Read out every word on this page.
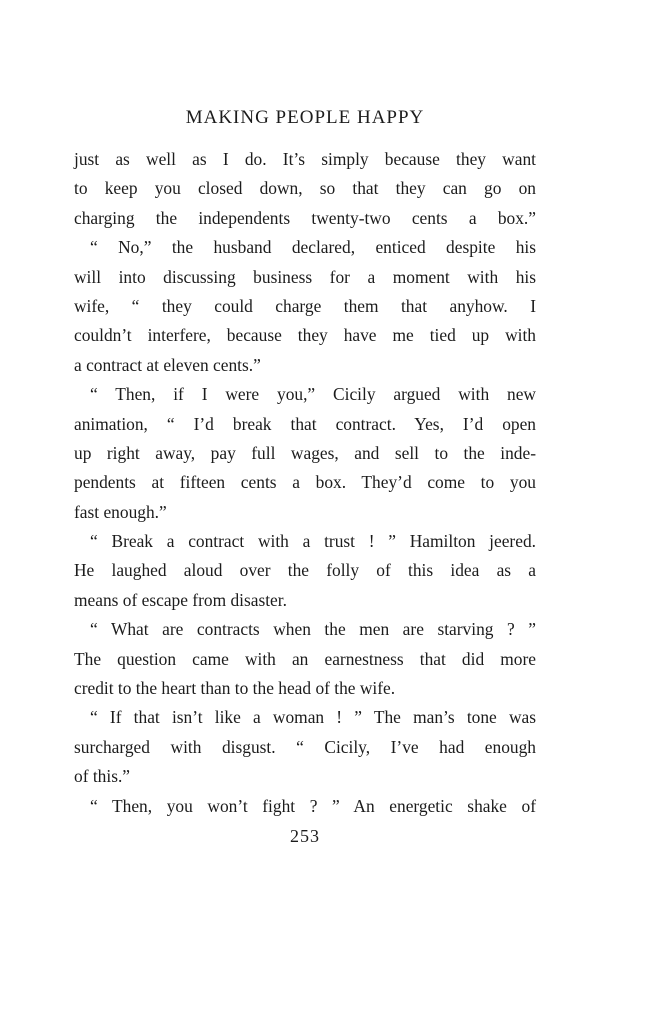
MAKING PEOPLE HAPPY
just as well as I do. It’s simply because they want
to keep you closed down, so that they can go on
charging the independents twenty-two cents a box.”
“ No,” the husband declared, enticed despite his
will into discussing business for a moment with his
wife, “ they could charge them that anyhow. I
couldn’t interfere, because they have me tied up with
a contract at eleven cents.”
“ Then, if I were you,” Cicily argued with new
animation, “ I’d break that contract. Yes, I’d open
up right away, pay full wages, and sell to the inde-
pendents at fifteen cents a box. They’d come to you
fast enough.”
“ Break a contract with a trust ! ” Hamilton jeered.
He laughed aloud over the folly of this idea as a
means of escape from disaster.
“ What are contracts when the men are starving ? ”
The question came with an earnestness that did more
credit to the heart than to the head of the wife.
“ If that isn’t like a woman ! ” The man’s tone was
surcharged with disgust. “ Cicily, I’ve had enough
of this.”
“ Then, you won’t fight ? ” An energetic shake of
253
